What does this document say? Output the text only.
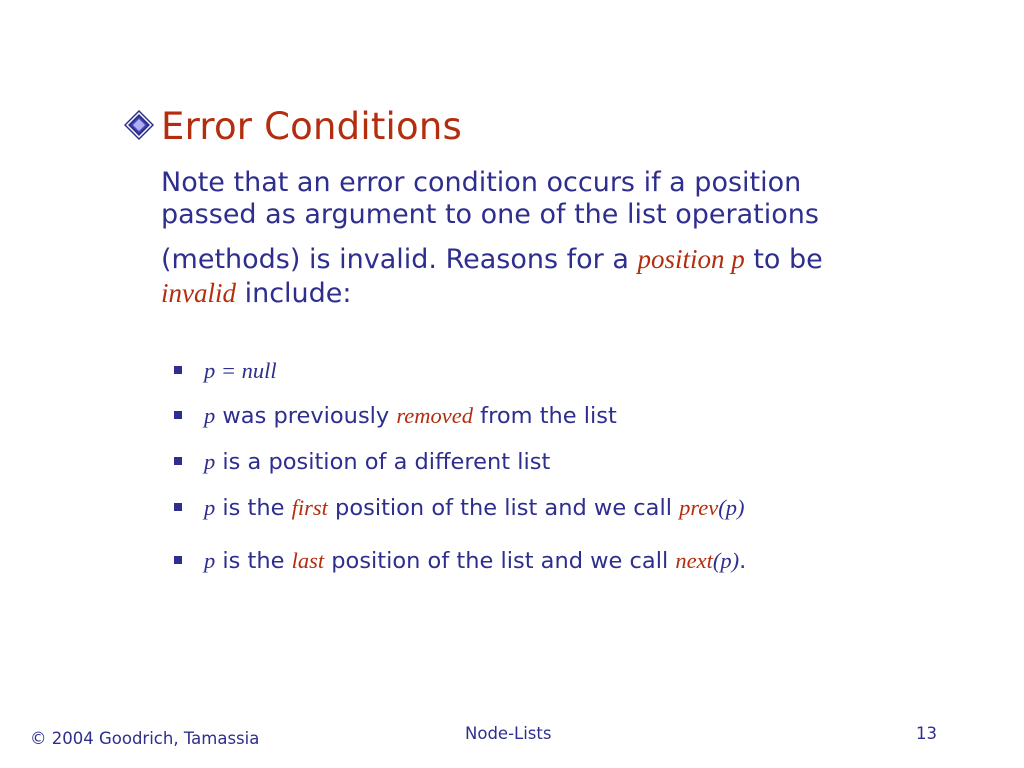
Error Conditions
Note that an error condition occurs if a position
passed as argument to one of the list operations
(methods) is invalid. Reasons for a position p to be
invalid include:
p = null
p was previously removed from the list
p is a position of a different list
p is the first position of the list and we call prev(p)
p is the last position of the list and we call next(p).
© 2004 Goodrich, Tamassia	Node-Lists	13
